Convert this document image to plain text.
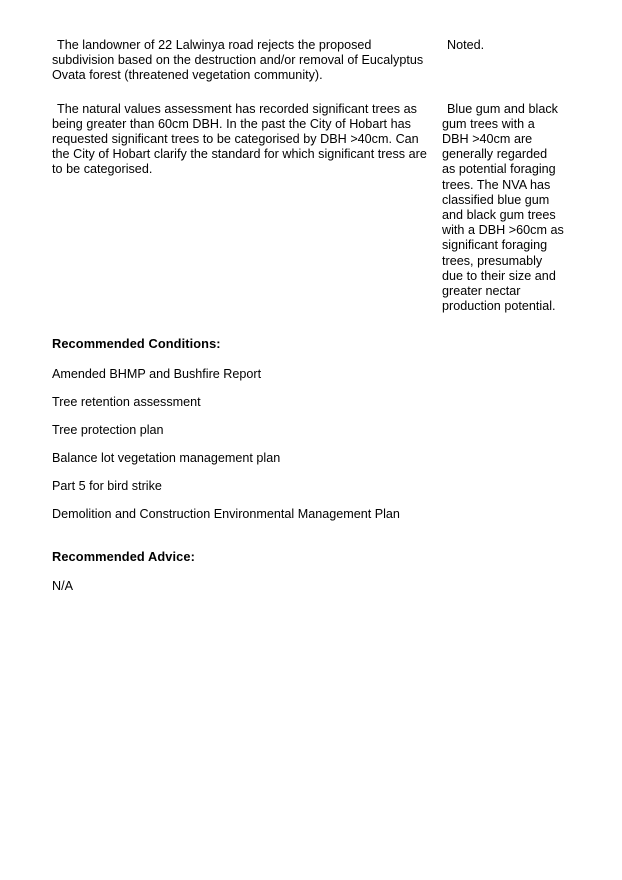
The landowner of 22 Lalwinya road rejects the proposed subdivision based on the destruction and/or removal of Eucalyptus Ovata forest (threatened vegetation community).

Noted.

The natural values assessment has recorded significant trees as being greater than 60cm DBH. In the past the City of Hobart has requested significant trees to be categorised by DBH >40cm. Can the City of Hobart clarify the standard for which significant tress are to be categorised.

Blue gum and black gum trees with a DBH >40cm are generally regarded as potential foraging trees. The NVA has classified blue gum and black gum trees with a DBH >60cm as significant foraging trees, presumably due to their size and greater nectar production potential.

Recommended Conditions:

Amended BHMP and Bushfire Report

Tree retention assessment

Tree protection plan

Balance lot vegetation management plan

Part 5 for bird strike

Demolition and Construction Environmental Management Plan

Recommended Advice:

N/A
